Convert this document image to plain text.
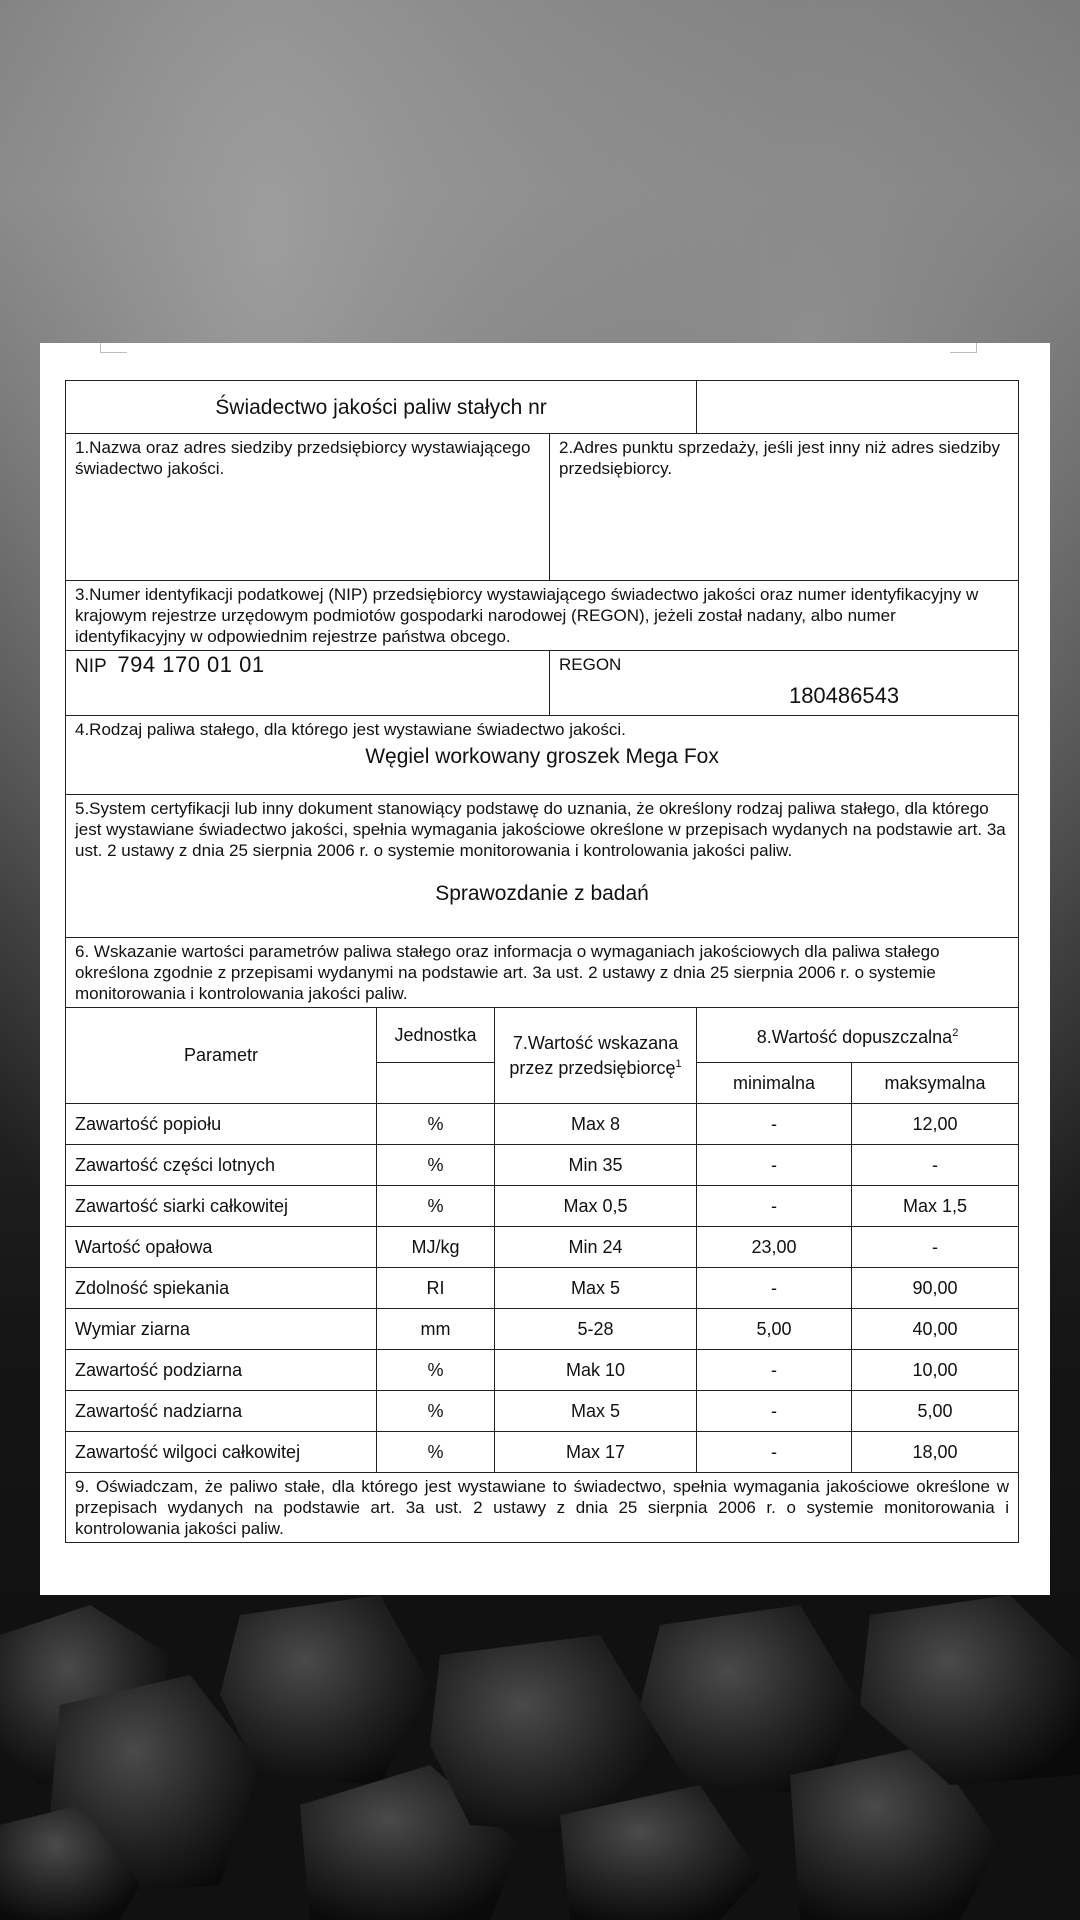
Świadectwo jakości paliw stałych nr					
1.Nazwa oraz adres siedziby przedsiębiorcy wystawiającego świadectwo jakości.			2.Adres punktu sprzedaży, jeśli jest inny niż adres siedziby przedsiębiorcy.		
3.Numer identyfikacji podatkowej (NIP) przedsiębiorcy wystawiającego świadectwo jakości oraz numer identyfikacyjny w krajowym rejestrze urzędowym podmiotów gospodarki narodowej (REGON), jeżeli został nadany, albo numer identyfikacyjny w odpowiednim rejestrze państwa obcego.					
NIP 794 170 01 01			REGON
180486543		

4.Rodzaj paliwa stałego, dla którego jest wystawiane świadectwo jakości.
Węgiel workowany groszek Mega Fox					

5.System certyfikacji lub inny dokument stanowiący podstawę do uznania, że określony rodzaj paliwa stałego, dla którego jest wystawiane świadectwo jakości, spełnia wymagania jakościowe określone w przepisach wydanych na podstawie art. 3a ust. 2 ustawy z dnia 25 sierpnia 2006 r. o systemie monitorowania i kontrolowania jakości paliw.
Sprawozdanie z badań					

6. Wskazanie wartości parametrów paliwa stałego oraz informacja o wymaganiach jakościowych dla paliwa stałego określona zgodnie z przepisami wydanymi na podstawie art. 3a ust. 2 ustawy z dnia 25 sierpnia 2006 r. o systemie monitorowania i kontrolowania jakości paliw.					
Parametr	Jednostka	7.Wartość wskazana przez przedsiębiorcę$^1$		8.Wartość dopuszczalna$^2$
				minimalna	maksymalna
Zawartość popiołu	%	Max 8		-	12,00
Zawartość części lotnych	%	Min 35		-	-
Zawartość siarki całkowitej	%	Max 0,5		-	Max 1,5
Wartość opałowa	MJ/kg	Min 24		23,00	-
Zdolność spiekania	RI	Max 5		-	90,00
Wymiar ziarna	mm	5-28		5,00	40,00
Zawartość podziarna	%	Mak 10		-	10,00
Zawartość nadziarna	%	Max 5		-	5,00
Zawartość wilgoci całkowitej	%	Max 17		-	18,00
9. Oświadczam, że paliwo stałe, dla którego jest wystawiane to świadectwo, spełnia wymagania jakościowe określone w przepisach wydanych na podstawie art. 3a ust. 2 ustawy z dnia 25 sierpnia 2006 r. o systemie monitorowania i kontrolowania jakości paliw.					
